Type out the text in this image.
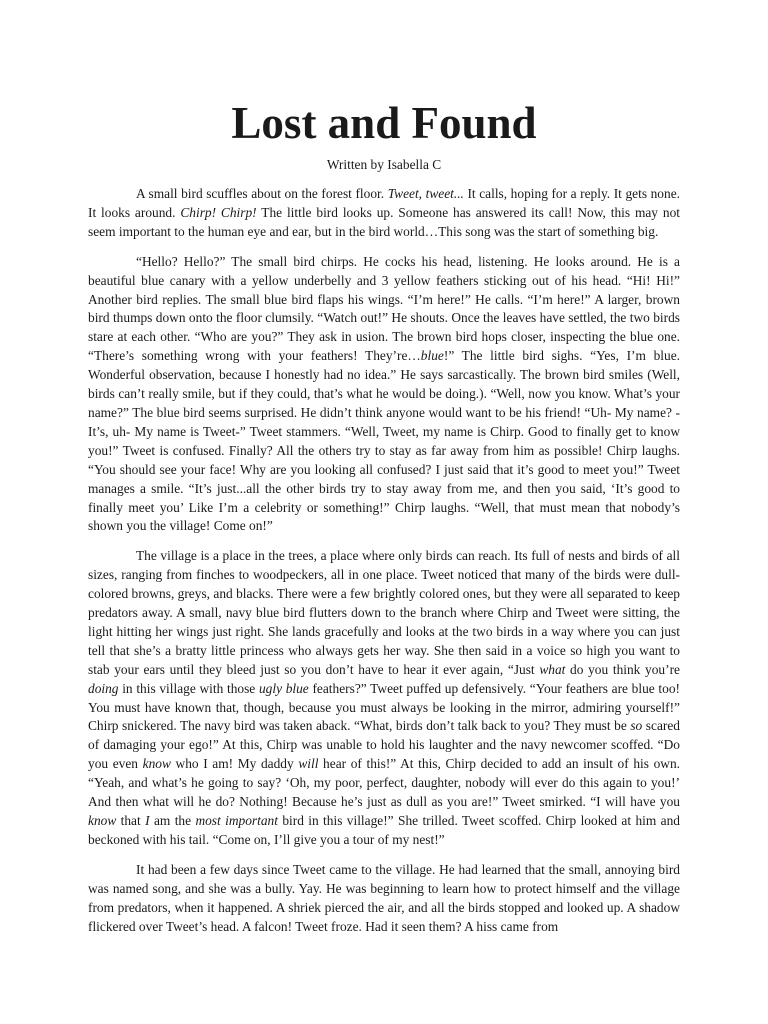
Lost and Found
Written by Isabella C

A small bird scuffles about on the forest floor. Tweet, tweet... It calls, hoping for a reply. It gets none. It looks around. Chirp! Chirp! The little bird looks up. Someone has answered its call! Now, this may not seem important to the human eye and ear, but in the bird world…This song was the start of something big.

“Hello? Hello?” The small bird chirps. He cocks his head, listening. He looks around. He is a beautiful blue canary with a yellow underbelly and 3 yellow feathers sticking out of his head. “Hi! Hi!” Another bird replies. The small blue bird flaps his wings. “I’m here!” He calls. “I’m here!” A larger, brown bird thumps down onto the floor clumsily. “Watch out!” He shouts. Once the leaves have settled, the two birds stare at each other. “Who are you?” They ask in usion. The brown bird hops closer, inspecting the blue one. “There’s something wrong with your feathers! They’re…blue!” The little bird sighs. “Yes, I’m blue. Wonderful observation, because I honestly had no idea.” He says sarcastically. The brown bird smiles (Well, birds can’t really smile, but if they could, that’s what he would be doing.). “Well, now you know. What’s your name?” The blue bird seems surprised. He didn’t think anyone would want to be his friend! “Uh- My name? - It’s, uh- My name is Tweet-” Tweet stammers. “Well, Tweet, my name is Chirp. Good to finally get to know you!” Tweet is confused. Finally? All the others try to stay as far away from him as possible! Chirp laughs. “You should see your face! Why are you looking all confused? I just said that it’s good to meet you!” Tweet manages a smile. “It’s just...all the other birds try to stay away from me, and then you said, ‘It’s good to finally meet you’ Like I’m a celebrity or something!” Chirp laughs. “Well, that must mean that nobody’s shown you the village! Come on!”

The village is a place in the trees, a place where only birds can reach. Its full of nests and birds of all sizes, ranging from finches to woodpeckers, all in one place. Tweet noticed that many of the birds were dull-colored browns, greys, and blacks. There were a few brightly colored ones, but they were all separated to keep predators away. A small, navy blue bird flutters down to the branch where Chirp and Tweet were sitting, the light hitting her wings just right. She lands gracefully and looks at the two birds in a way where you can just tell that she’s a bratty little princess who always gets her way. She then said in a voice so high you want to stab your ears until they bleed just so you don’t have to hear it ever again, “Just what do you think you’re doing in this village with those ugly blue feathers?” Tweet puffed up defensively. “Your feathers are blue too! You must have known that, though, because you must always be looking in the mirror, admiring yourself!” Chirp snickered. The navy bird was taken aback. “What, birds don’t talk back to you? They must be so scared of damaging your ego!” At this, Chirp was unable to hold his laughter and the navy newcomer scoffed. “Do you even know who I am! My daddy will hear of this!” At this, Chirp decided to add an insult of his own. “Yeah, and what’s he going to say? ‘Oh, my poor, perfect, daughter, nobody will ever do this again to you!’ And then what will he do? Nothing! Because he’s just as dull as you are!” Tweet smirked. “I will have you know that I am the most important bird in this village!” She trilled. Tweet scoffed. Chirp looked at him and beckoned with his tail. “Come on, I’ll give you a tour of my nest!”

It had been a few days since Tweet came to the village. He had learned that the small, annoying bird was named song, and she was a bully. Yay. He was beginning to learn how to protect himself and the village from predators, when it happened. A shriek pierced the air, and all the birds stopped and looked up. A shadow flickered over Tweet’s head. A falcon! Tweet froze. Had it seen them? A hiss came from
